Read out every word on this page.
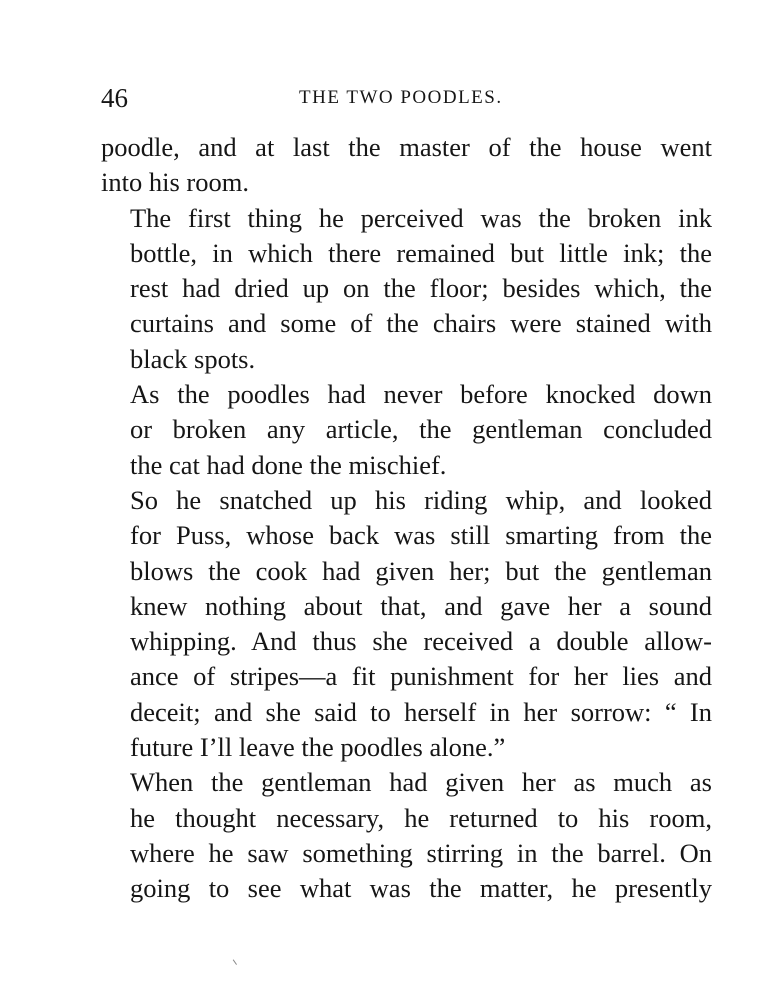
46	THE TWO POODLES.

poodle, and at last the master of the house went
into his room.

The first thing he perceived was the broken ink
bottle, in which there remained but little ink; the
rest had dried up on the floor; besides which, the
curtains and some of the chairs were stained with
black spots.

As the poodles had never before knocked down
or broken any article, the gentleman concluded
the cat had done the mischief.

So he snatched up his riding whip, and looked
for Puss, whose back was still smarting from the
blows the cook had given her; but the gentleman
knew nothing about that, and gave her a sound
whipping. And thus she received a double allow-
ance of stripes—a fit punishment for her lies and
deceit; and she said to herself in her sorrow: “ In
future I’ll leave the poodles alone.”

When the gentleman had given her as much as
he thought necessary, he returned to his room,
where he saw something stirring in the barrel. On
going to see what was the matter, he presently
